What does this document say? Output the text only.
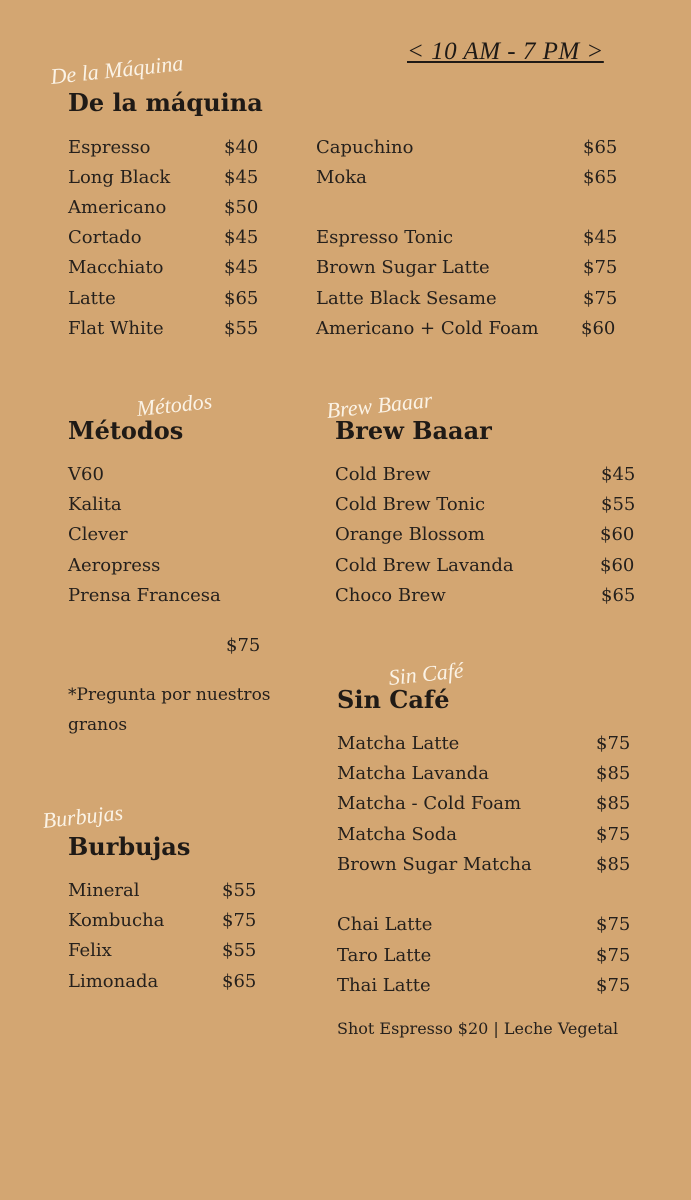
< 10 AM - 7 PM >
De la Máquina
De la máquina
Espresso	$40
Long Black	$45
Americano	$50
Cortado	$45
Macchiato	$45
Latte	$65
Flat White	$55
Capuchino	$65
Moka	$65
Espresso Tonic	$45
Brown Sugar Latte	$75
Latte Black Sesame	$75
Americano + Cold Foam $60
Métodos
Métodos
V60
Kalita
Clever
Aeropress
Prensa Francesa
$75
*Pregunta por nuestros granos
Brew Baaar
Brew Baaar
Cold Brew	$45
Cold Brew Tonic	$55
Orange Blossom	$60
Cold Brew Lavanda	$60
Choco Brew	$65
Sin Café
Sin Café
Matcha Latte	$75
Matcha Lavanda	$85
Matcha - Cold Foam	$85
Matcha Soda	$75
Brown Sugar Matcha	$85
Chai Latte	$75
Taro Latte	$75
Thai Latte	$75
Shot Espresso $20 | Leche Vegetal
Burbujas
Burbujas
Mineral	$55
Kombucha	$75
Felix	$55
Limonada	$65
